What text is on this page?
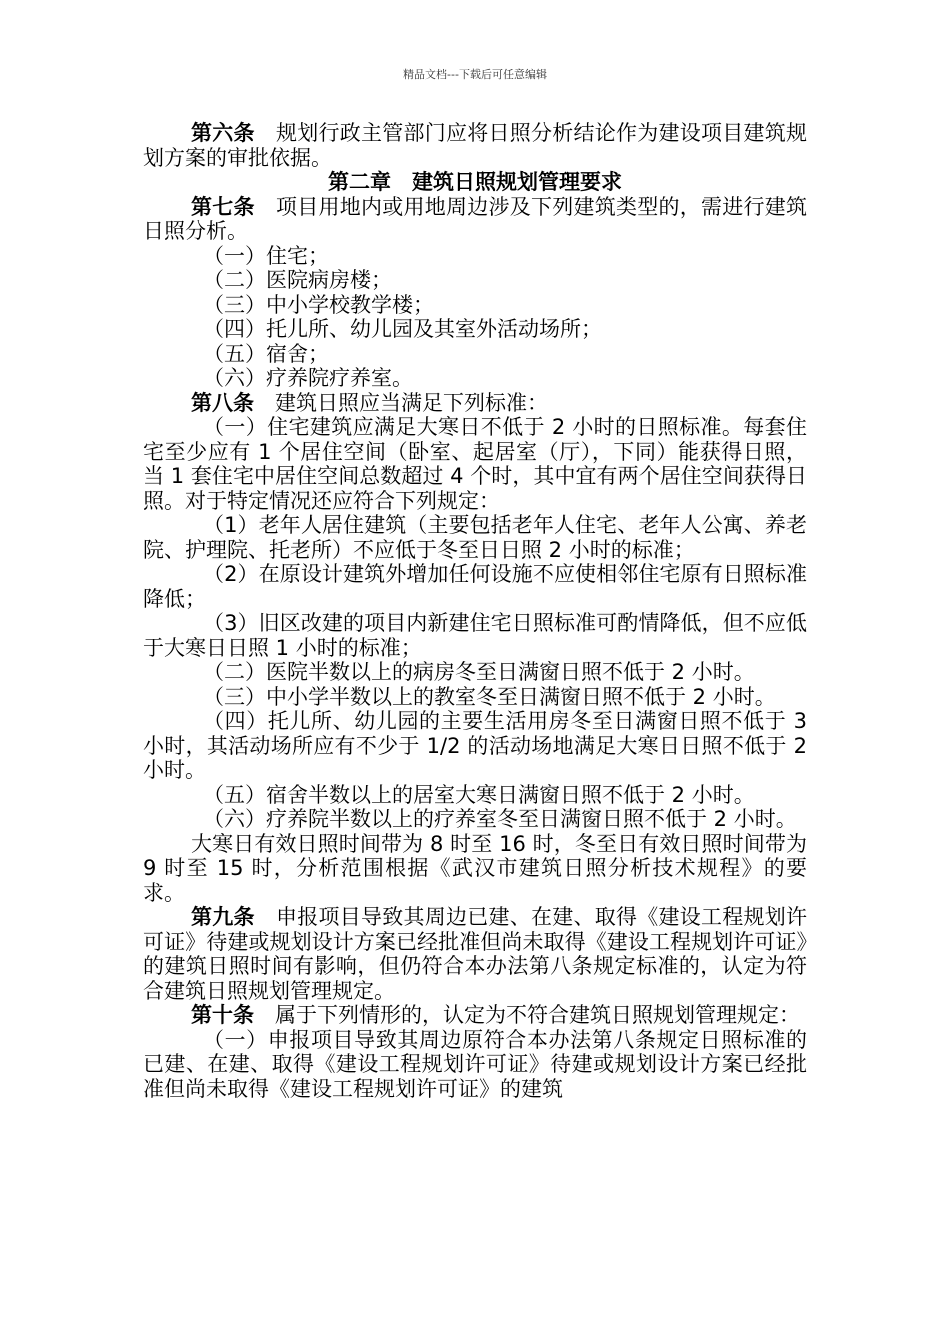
精品文档---下载后可任意编辑

第六条　 规划行政主管部门应将日照分析结论作为建设项目建筑规划方案的审批依据。

第二章　建筑日照规划管理要求

第七条　 项目用地内或用地周边涉及下列建筑类型的，需进行建筑日照分析。

（一）住宅；

（二）医院病房楼；

（三）中小学校教学楼；

（四）托儿所、幼儿园及其室外活动场所；

（五）宿舍；

（六）疗养院疗养室。

第八条　 建筑日照应当满足下列标准：

（一）住宅建筑应满足大寒日不低于 2 小时的日照标准。每套住宅至少应有 1 个居住空间（卧室、起居室（厅），下同）能获得日照，当 1 套住宅中居住空间总数超过 4 个时，其中宜有两个居住空间获得日照。对于特定情况还应符合下列规定：

（1）老年人居住建筑（主要包括老年人住宅、老年人公寓、养老院、护理院、托老所）不应低于冬至日日照 2 小时的标准；

（2）在原设计建筑外增加任何设施不应使相邻住宅原有日照标准降低；

（3）旧区改建的项目内新建住宅日照标准可酌情降低，但不应低于大寒日日照 1 小时的标准；

（二）医院半数以上的病房冬至日满窗日照不低于 2 小时。

（三）中小学半数以上的教室冬至日满窗日照不低于 2 小时。

（四）托儿所、幼儿园的主要生活用房冬至日满窗日照不低于 3 小时，其活动场所应有不少于 1/2 的活动场地满足大寒日日照不低于 2 小时。

（五）宿舍半数以上的居室大寒日满窗日照不低于 2 小时。

（六）疗养院半数以上的疗养室冬至日满窗日照不低于 2 小时。

大寒日有效日照时间带为 8 时至 16 时，冬至日有效日照时间带为 9 时至 15 时，分析范围根据《武汉市建筑日照分析技术规程》的要求。

第九条　 申报项目导致其周边已建、在建、取得《建设工程规划许可证》待建或规划设计方案已经批准但尚未取得《建设工程规划许可证》的建筑日照时间有影响，但仍符合本办法第八条规定标准的，认定为符合建筑日照规划管理规定。

第十条　 属于下列情形的，认定为不符合建筑日照规划管理规定：

（一）申报项目导致其周边原符合本办法第八条规定日照标准的已建、在建、取得《建设工程规划许可证》待建或规划设计方案已经批准但尚未取得《建设工程规划许可证》的建筑
